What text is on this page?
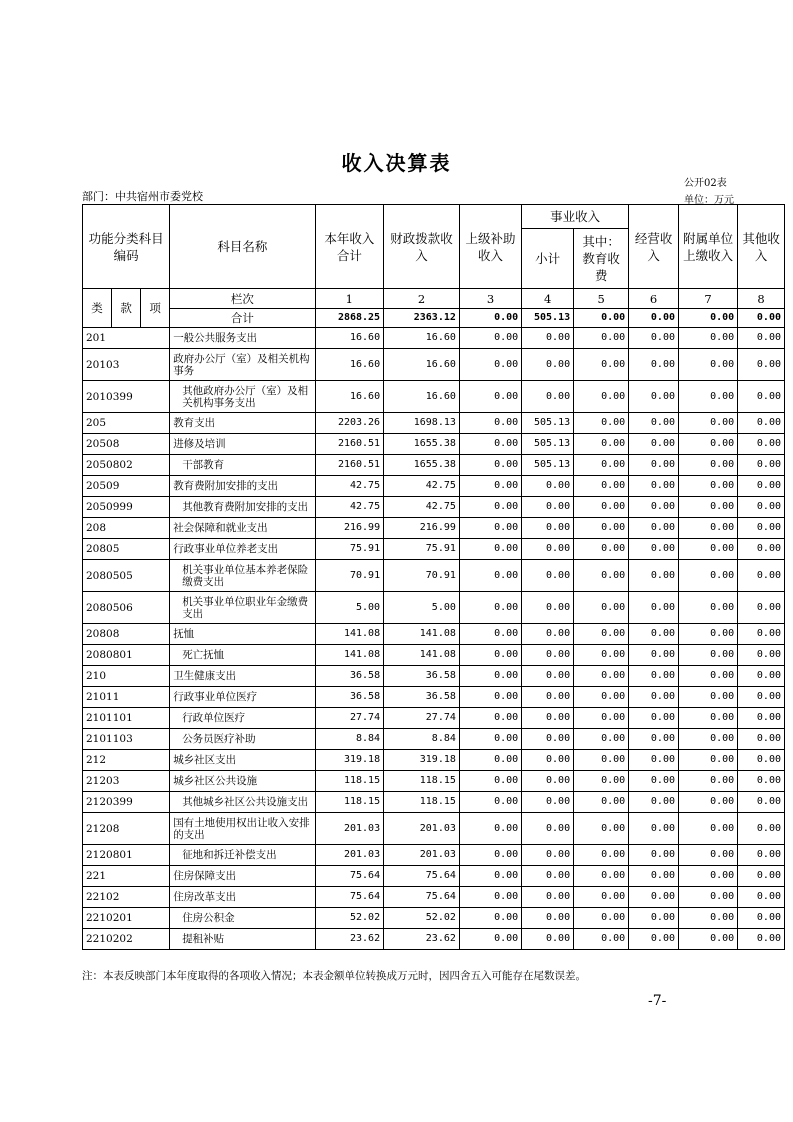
收入决算表
公开02表
部门：中共宿州市委党校	单位：万元
功能分类科目编码			科目名称	本年收入合计	财政拨款收入	上级补助收入	事业收入		经营收入	附属单位上缴收入	其他收入
							小计	其中：教育收费			
类	款	项	栏次	1	2	3	4	5	6	7	8
			合计	2868.25	2363.12	0.00	505.13	0.00	0.00	0.00	0.00
201			一般公共服务支出	16.60	16.60	0.00	0.00	0.00	0.00	0.00	0.00
20103			政府办公厅（室）及相关机构事务	16.60	16.60	0.00	0.00	0.00	0.00	0.00	0.00
2010399			其他政府办公厅（室）及相关机构事务支出	16.60	16.60	0.00	0.00	0.00	0.00	0.00	0.00
205			教育支出	2203.26	1698.13	0.00	505.13	0.00	0.00	0.00	0.00
20508			进修及培训	2160.51	1655.38	0.00	505.13	0.00	0.00	0.00	0.00
2050802			干部教育	2160.51	1655.38	0.00	505.13	0.00	0.00	0.00	0.00
20509			教育费附加安排的支出	42.75	42.75	0.00	0.00	0.00	0.00	0.00	0.00
2050999			其他教育费附加安排的支出	42.75	42.75	0.00	0.00	0.00	0.00	0.00	0.00
208			社会保障和就业支出	216.99	216.99	0.00	0.00	0.00	0.00	0.00	0.00
20805			行政事业单位养老支出	75.91	75.91	0.00	0.00	0.00	0.00	0.00	0.00
2080505			机关事业单位基本养老保险缴费支出	70.91	70.91	0.00	0.00	0.00	0.00	0.00	0.00
2080506			机关事业单位职业年金缴费支出	5.00	5.00	0.00	0.00	0.00	0.00	0.00	0.00
20808			抚恤	141.08	141.08	0.00	0.00	0.00	0.00	0.00	0.00
2080801			死亡抚恤	141.08	141.08	0.00	0.00	0.00	0.00	0.00	0.00
210			卫生健康支出	36.58	36.58	0.00	0.00	0.00	0.00	0.00	0.00
21011			行政事业单位医疗	36.58	36.58	0.00	0.00	0.00	0.00	0.00	0.00
2101101			行政单位医疗	27.74	27.74	0.00	0.00	0.00	0.00	0.00	0.00
2101103			公务员医疗补助	8.84	8.84	0.00	0.00	0.00	0.00	0.00	0.00
212			城乡社区支出	319.18	319.18	0.00	0.00	0.00	0.00	0.00	0.00
21203			城乡社区公共设施	118.15	118.15	0.00	0.00	0.00	0.00	0.00	0.00
2120399			其他城乡社区公共设施支出	118.15	118.15	0.00	0.00	0.00	0.00	0.00	0.00
21208			国有土地使用权出让收入安排的支出	201.03	201.03	0.00	0.00	0.00	0.00	0.00	0.00
2120801			征地和拆迁补偿支出	201.03	201.03	0.00	0.00	0.00	0.00	0.00	0.00
221			住房保障支出	75.64	75.64	0.00	0.00	0.00	0.00	0.00	0.00
22102			住房改革支出	75.64	75.64	0.00	0.00	0.00	0.00	0.00	0.00
2210201			住房公积金	52.02	52.02	0.00	0.00	0.00	0.00	0.00	0.00
2210202			提租补贴	23.62	23.62	0.00	0.00	0.00	0.00	0.00	0.00
注：本表反映部门本年度取得的各项收入情况；本表金额单位转换成万元时，因四舍五入可能存在尾数误差。
-7-
